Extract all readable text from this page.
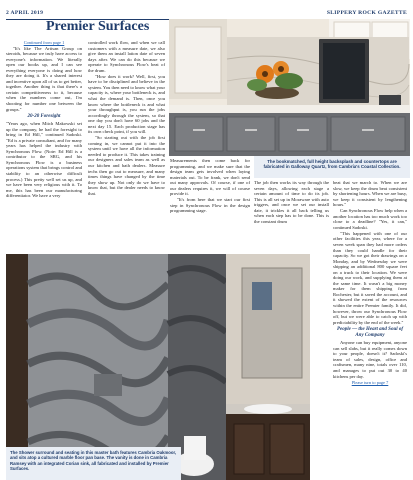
2 APRIL 2019	SLIPPERY ROCK GAZETTE
Premier Surfaces
Continued from page 1

"It's like The Artisan Group on steroids, because we truly have access to everyone's information. We literally open our books up, and I can see everything everyone is doing and how they are doing it. It's a shared interest and incentive upon all of us to get better, together. Another thing is that there's a certain competitiveness to it, because when the numbers come out, I'm shooting for number one between the groups."

20-20 Foresight

"Years ago, when Mitch Makowski set up the company, he had the foresight to bring in Ed Hill," continued Sadoski. "Ed is a private consultant, and for many years has helped the industry with Synchronous Flow. (Note: Ed Hill is a contributor to the SRG, and his Synchronous Flow is a business operations system that brings control and stability to an otherwise difficult process.) This pretty well set us up, and we have been very religious with it. To me, this has been our manufacturing differentiator. We have a very

controlled work flow, and when we call customers with a measure date, we also give them an install lation date of seven days after. We can do this because we operate to Synchronous Flow's beat of the drum.

"How does it work? Well, first, you have to be disciplined and believe in the system. You then need to know what your capacity is, where your bottleneck is, and what the demand is. Then, once you know where the bottleneck is and what your throughput is, you run the jobs accordingly through the system, so that one day you don't have 60 jobs and the next day 15. Each production stage has its own check point, if you will.

"So starting out with the job first coming in, we cannot put it into the system until we have all the information needed to produce it. This takes training our designers and sales team as well as our kitchen and bath dealers. Measure techs then go out to measure, and many times things have changed by the time they show up. Not only do we have to know that, but the dealer needs to know that.

Measurements then come back for programming, and we make sure that the design team gets involved when laying materials out. To be frank, we don't send out many approvals. Of course, if one of our dealers requires it, we will of course provide it.

"It's from here that we start our first step in Synchronous Flow in the design programming stage.

The bookmatched, full height backsplash and countertops are fabricated in Galloway Quartz, from Cambria's Coastal Collection.

The job then works its way through the seven days, allowing each stage a certain amount of time to do its job. This is all set up in Moraware with auto triggers, and once we set our install date, it trickles it all back telling us when each step has to be done. This is the constant drum

beat that we march to. When we are slow, we keep the drum beat consistent by shortening hours. When we are busy, we keep it consistent by lengthening hours."

Can Synchronous Flow help when a another location has too much work too close to a deadline? "Yes, it can," continued Sadoski.

"This happened with one of our other facilities this year, where for a seven week span they had more orders than they could handle for their capacity. So we got their drawings on a Monday, and by Wednesday we were shipping an additional 800 square feet on a truck to their location. We were doing our work, and supplying them at the same time. It wasn't a big money maker for them shipping from Rochester, but it saved the account, and it showed the extent of the resources within the entire Premier family. It did, however, throw our Synchronous Flow off, but we were able to catch up with predictability by the end of the week."

People — the Heart and Soul of Any Company

Anyone can buy equipment, anyone can sell slabs, but it really comes down to your people, doesn't it? Sadoski's team of sales, design, office and craftsmen, many nine, totals over 110, and manages to put out 30 to 40 kitchens per day.

Please turn to page 7
The Shower surround and seating in this master bath features Cambria Oakmoor, and sits atop a cultured marble floor pan base. The vanity is done in Cambria Ramsey with an integrated Corian sink, all fabricated and installed by Premier Surfaces.
